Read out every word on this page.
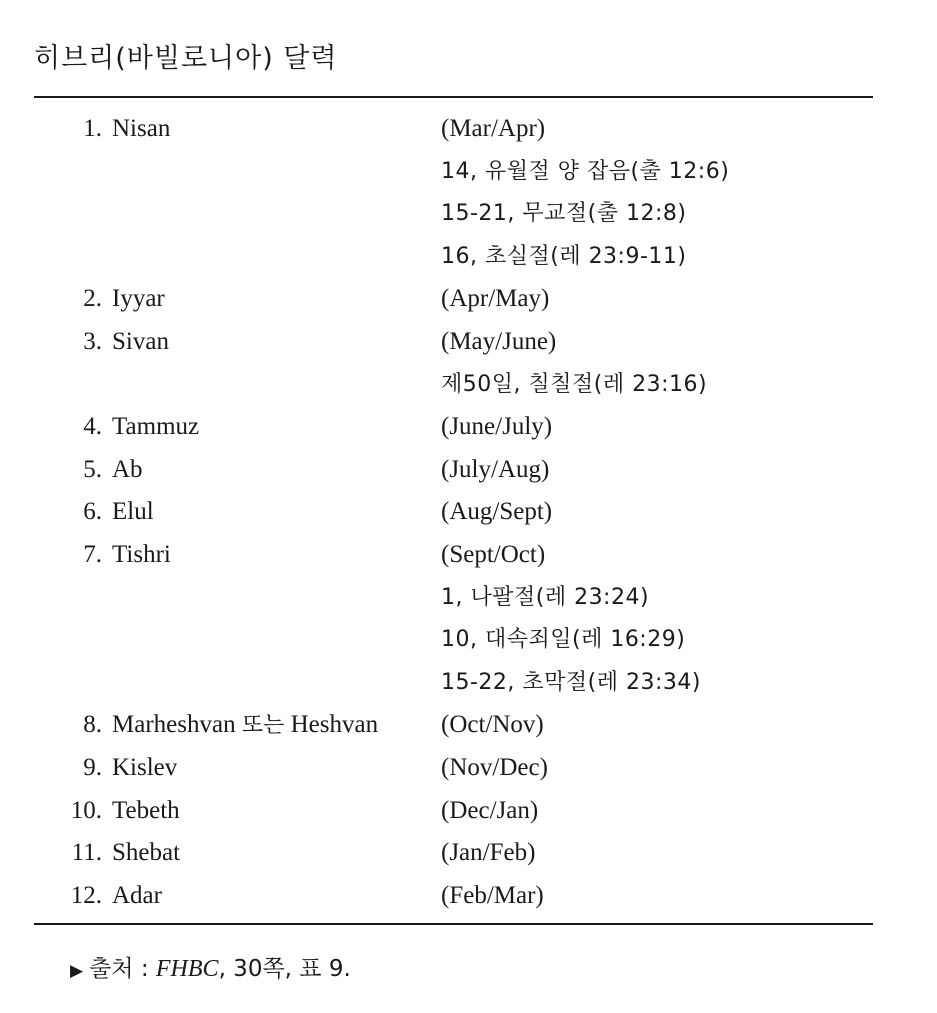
히브리(바빌로니아) 달력
1. Nisan	(Mar/Apr)
14, 유월절 양 잡음(출 12:6)
15-21, 무교절(출 12:8)
16, 초실절(레 23:9-11)
2. Iyyar	(Apr/May)
3. Sivan	(May/June)
제50일, 칠칠절(레 23:16)
4. Tammuz	(June/July)
5. Ab	(July/Aug)
6. Elul	(Aug/Sept)
7. Tishri	(Sept/Oct)
1, 나팔절(레 23:24)
10, 대속죄일(레 16:29)
15-22, 초막절(레 23:34)
8. Marheshvan 또는 Heshvan	(Oct/Nov)
9. Kislev	(Nov/Dec)
10. Tebeth	(Dec/Jan)
11. Shebat	(Jan/Feb)
12. Adar	(Feb/Mar)
▶ 출처 : FHBC, 30쪽, 표 9.
